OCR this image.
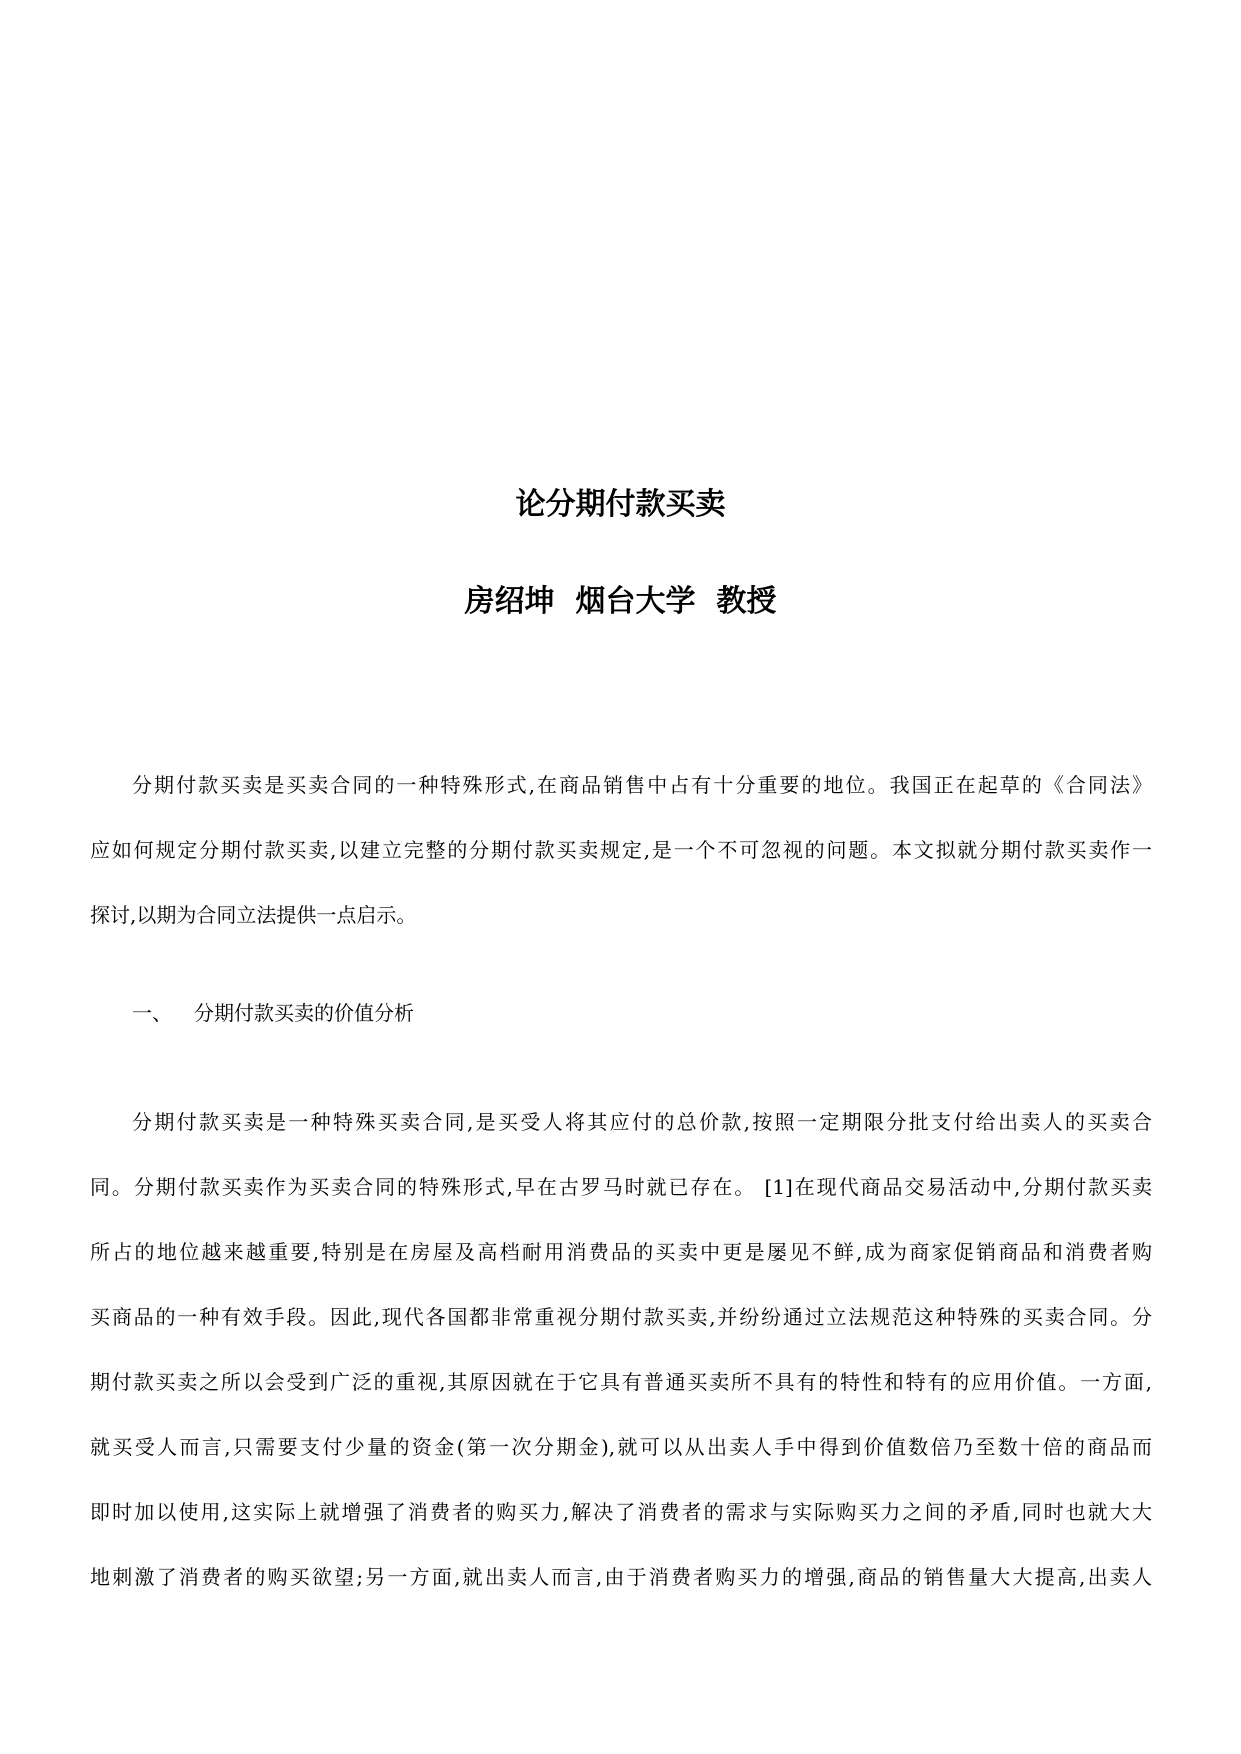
论分期付款买卖
房绍坤  烟台大学  教授
分期付款买卖是买卖合同的一种特殊形式,在商品销售中占有十分重要的地位。我国正在起草的《合同法》
应如何规定分期付款买卖,以建立完整的分期付款买卖规定,是一个不可忽视的问题。本文拟就分期付款买卖作一
探讨,以期为合同立法提供一点启示。
一、 分期付款买卖的价值分析
分期付款买卖是一种特殊买卖合同,是买受人将其应付的总价款,按照一定期限分批支付给出卖人的买卖合
同。分期付款买卖作为买卖合同的特殊形式,早在古罗马时就已存在。 [1]在现代商品交易活动中,分期付款买卖
所占的地位越来越重要,特别是在房屋及高档耐用消费品的买卖中更是屡见不鲜,成为商家促销商品和消费者购
买商品的一种有效手段。因此,现代各国都非常重视分期付款买卖,并纷纷通过立法规范这种特殊的买卖合同。分
期付款买卖之所以会受到广泛的重视,其原因就在于它具有普通买卖所不具有的特性和特有的应用价值。一方面,
就买受人而言,只需要支付少量的资金(第一次分期金),就可以从出卖人手中得到价值数倍乃至数十倍的商品而
即时加以使用,这实际上就增强了消费者的购买力,解决了消费者的需求与实际购买力之间的矛盾,同时也就大大
地刺激了消费者的购买欲望;另一方面,就出卖人而言,由于消费者购买力的增强,商品的销售量大大提高,出卖人
